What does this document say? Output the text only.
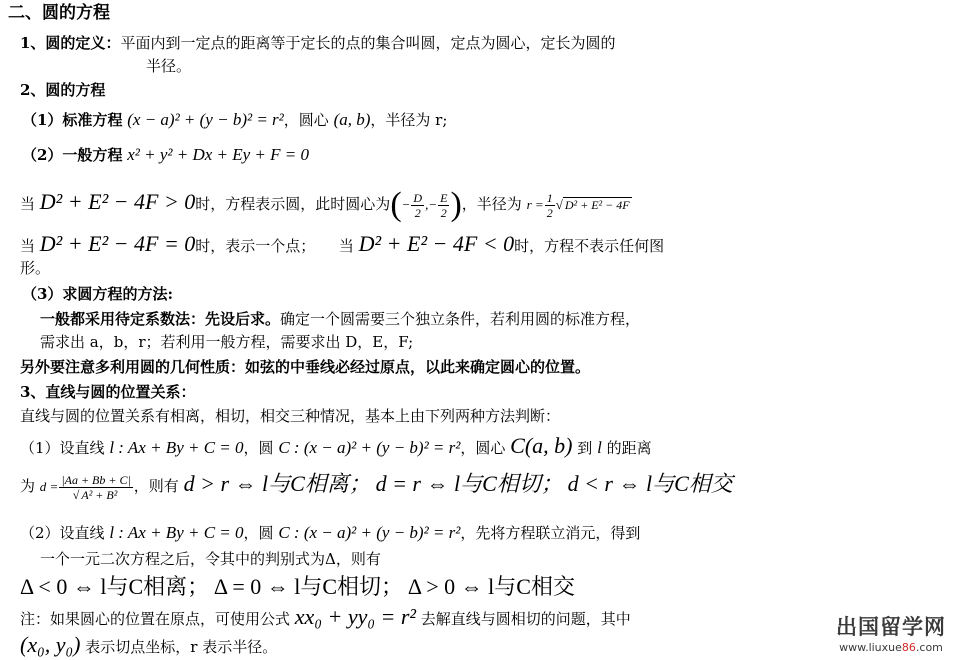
二、圆的方程
1、圆的定义：平面内到一定点的距离等于定长的点的集合叫圆，定点为圆心，定长为圆的
半径。
2、圆的方程
（1）标准方程 (x − a)² + (y − b)² = r²，圆心 (a, b)，半径为 r;
（2）一般方程 x² + y² + Dx + Ey + F = 0
当 D² + E² − 4F > 0时，方程表示圆，此时圆心为(− $\frac{D}{2}$ ,− $\frac{E}{2}$ )，半径为 $r = \frac{1}{2}$ √ D² + E² − 4F
当 D² + E² − 4F = 0时，表示一个点； 当 D² + E² − 4F < 0时，方程不表示任何图
形。
（3）求圆方程的方法:
一般都采用待定系数法：先设后求。确定一个圆需要三个独立条件，若利用圆的标准方程，
需求出 a，b，r；若利用一般方程，需要求出 D，E，F;
另外要注意多利用圆的几何性质：如弦的中垂线必经过原点，以此来确定圆心的位置。
3、直线与圆的位置关系：
直线与圆的位置关系有相离，相切，相交三种情况，基本上由下列两种方法判断：
（1）设直线 l : Ax + By + C = 0，圆 C : (x − a)² + (y − b)² = r²，圆心 C(a, b) 到 l 的距离
为 $d = \frac{|Aa + Bb + C|}{\text{√ A² + B²}}$ ，则有 d > r ⇔ l与C相离； d = r ⇔ l与C相切； d < r ⇔ l与C相交
（2）设直线 l : Ax + By + C = 0，圆 C : (x − a)² + (y − b)² = r²，先将方程联立消元，得到
一个一元二次方程之后，令其中的判别式为Δ，则有
Δ < 0 ⇔ l与C相离； Δ = 0 ⇔ l与C相切； Δ > 0 ⇔ l与C相交
注：如果圆心的位置在原点，可使用公式 xx₀ + yy₀ = r² 去解直线与圆相切的问题，其中
(x₀, y₀) 表示切点坐标，r 表示半径。
出国留学网
www.liuxue86.com
